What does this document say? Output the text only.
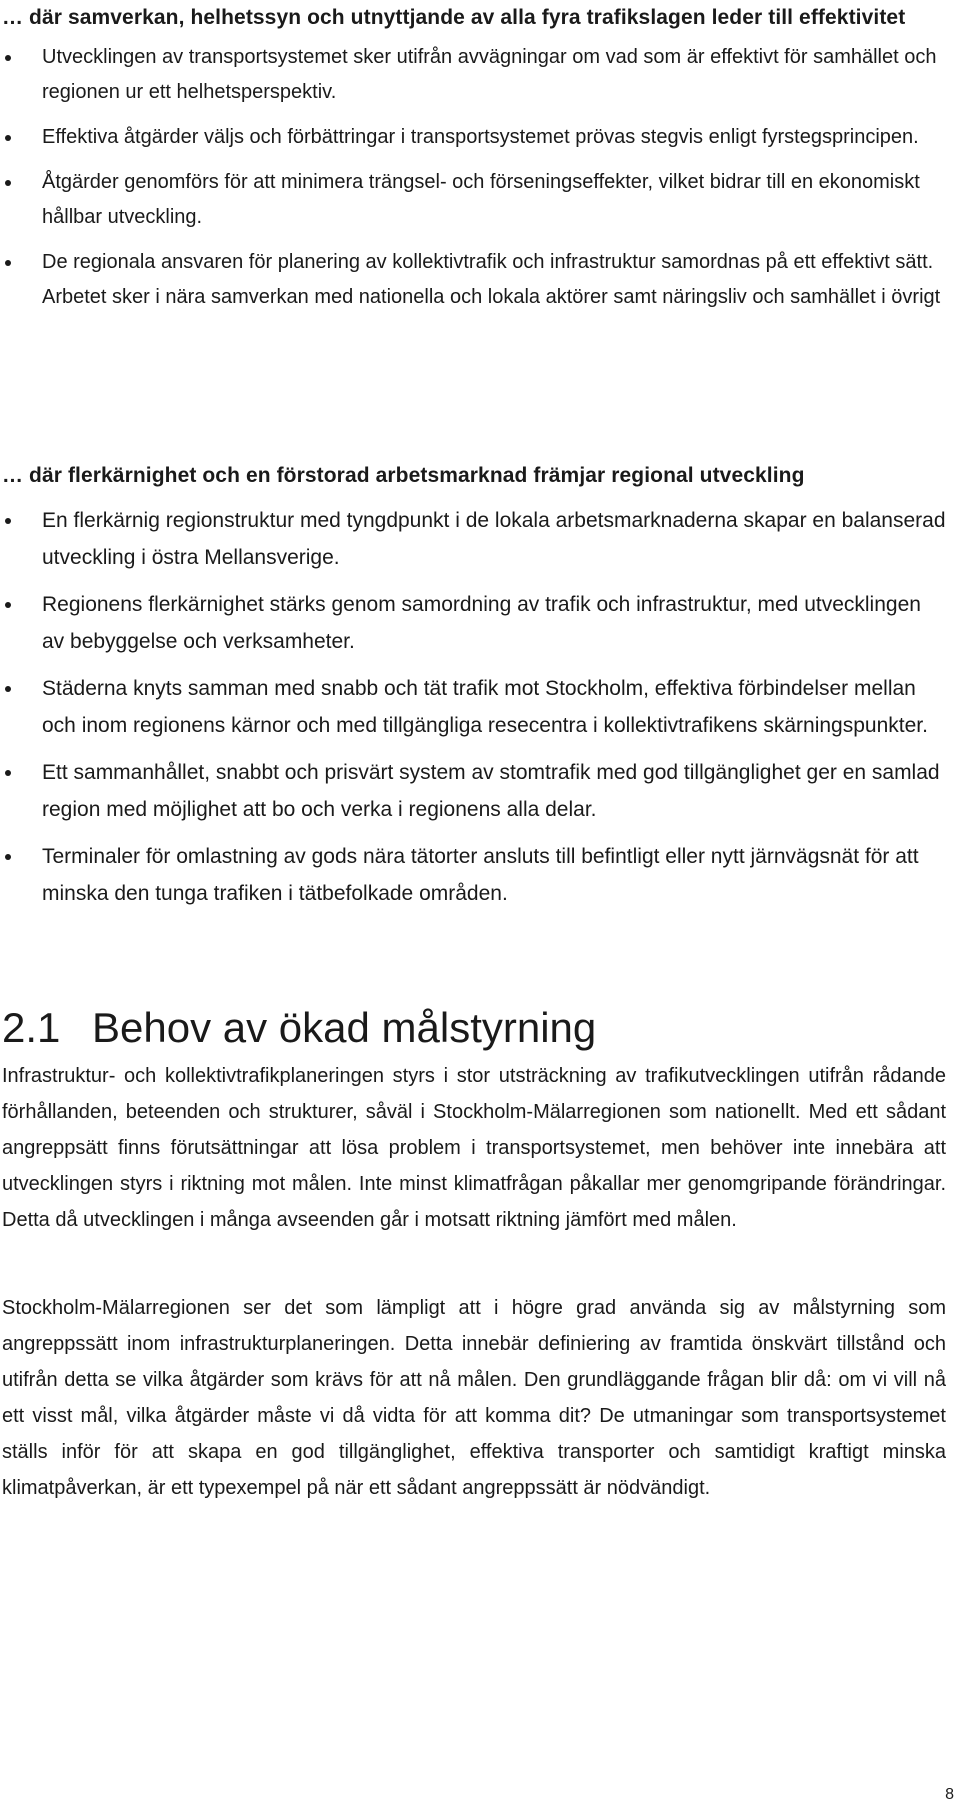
… där samverkan, helhetssyn och utnyttjande av alla fyra trafikslagen leder till effektivitet
Utvecklingen av transportsystemet sker utifrån avvägningar om vad som är effektivt för samhället och regionen ur ett helhetsperspektiv.
Effektiva åtgärder väljs och förbättringar i transportsystemet prövas stegvis enligt fyrstegsprincipen.
Åtgärder genomförs för att minimera trängsel- och förseningseffekter, vilket bidrar till en ekonomiskt hållbar utveckling.
De regionala ansvaren för planering av kollektivtrafik och infrastruktur samordnas på ett effektivt sätt. Arbetet sker i nära samverkan med nationella och lokala aktörer samt näringsliv och samhället i övrigt
… där flerkärnighet och en förstorad arbetsmarknad främjar regional utveckling
En flerkärnig regionstruktur med tyngdpunkt i de lokala arbetsmarknaderna skapar en balanserad utveckling i östra Mellansverige.
Regionens flerkärnighet stärks genom samordning av trafik och infrastruktur, med utvecklingen av bebyggelse och verksamheter.
Städerna knyts samman med snabb och tät trafik mot Stockholm, effektiva förbindelser mellan och inom regionens kärnor och med tillgängliga resecentra i kollektivtrafikens skärningspunkter.
Ett sammanhållet, snabbt och prisvärt system av stomtrafik med god tillgänglighet ger en samlad region med möjlighet att bo och verka i regionens alla delar.
Terminaler för omlastning av gods nära tätorter ansluts till befintligt eller nytt järnvägsnät för att minska den tunga trafiken i tätbefolkade områden.
2.1 Behov av ökad målstyrning

Infrastruktur- och kollektivtrafikplaneringen styrs i stor utsträckning av trafikutvecklingen utifrån rådande förhållanden, beteenden och strukturer, såväl i Stockholm-Mälarregionen som nationellt. Med ett sådant angreppsätt finns förutsättningar att lösa problem i transportsystemet, men behöver inte innebära att utvecklingen styrs i riktning mot målen. Inte minst klimatfrågan påkallar mer genomgripande förändringar. Detta då utvecklingen i många avseenden går i motsatt riktning jämfört med målen.

Stockholm-Mälarregionen ser det som lämpligt att i högre grad använda sig av målstyrning som angreppssätt inom infrastrukturplaneringen. Detta innebär definiering av framtida önskvärt tillstånd och utifrån detta se vilka åtgärder som krävs för att nå målen. Den grundläggande frågan blir då: om vi vill nå ett visst mål, vilka åtgärder måste vi då vidta för att komma dit? De utmaningar som transportsystemet ställs inför för att skapa en god tillgänglighet, effektiva transporter och samtidigt kraftigt minska klimatpåverkan, är ett typexempel på när ett sådant angreppssätt är nödvändigt.

8
